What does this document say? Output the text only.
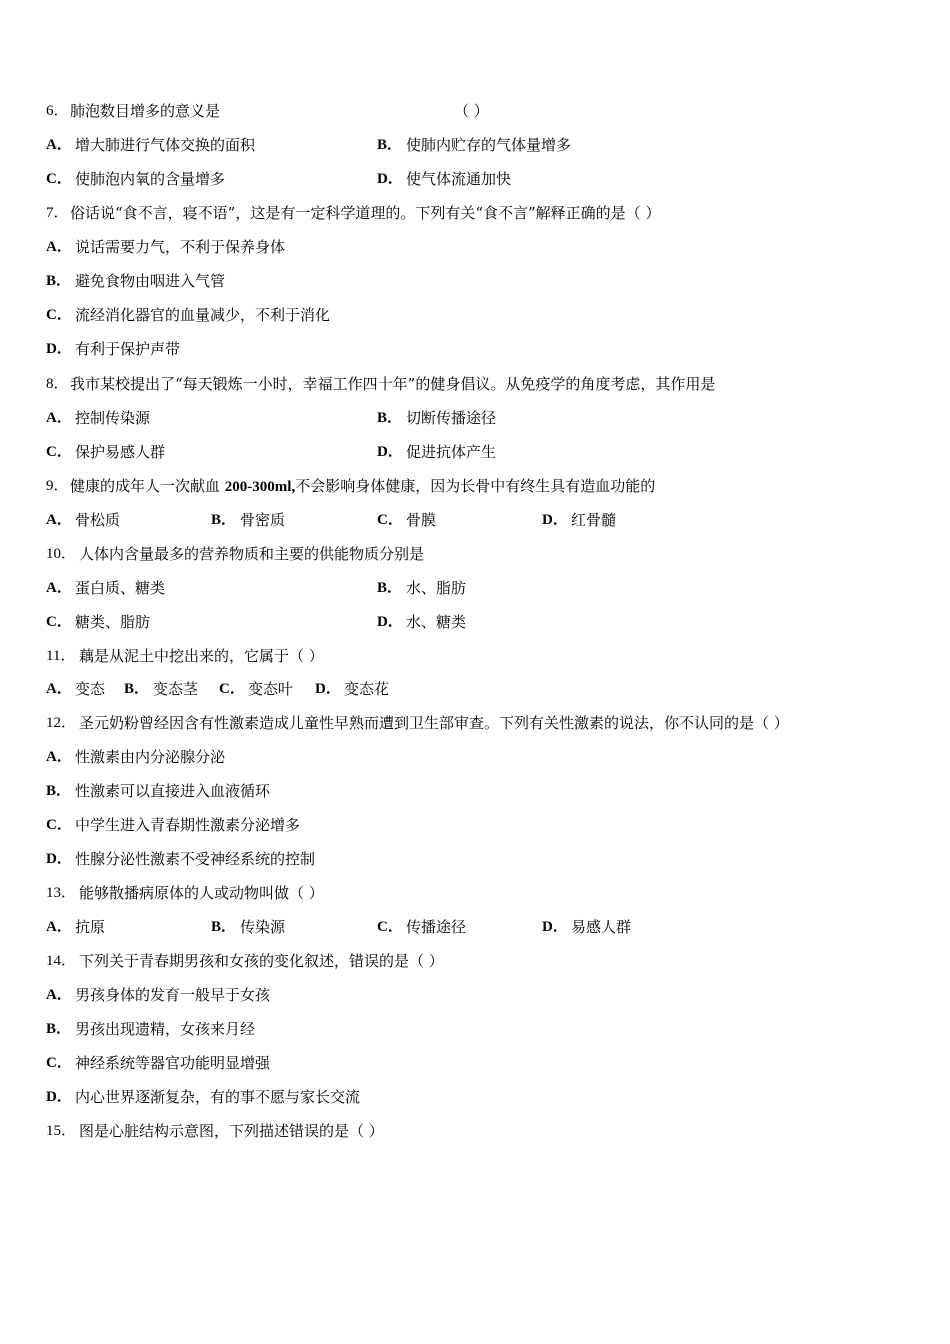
6． 肺泡数目增多的意义是	（ ）
A． 增大肺进行气体交换的面积	B． 使肺内贮存的气体量增多
C． 使肺泡内氧的含量增多	D． 使气体流通加快
7． 俗话说“食不言，寝不语”，这是有一定科学道理的。下列有关“食不言”解释正确的是（ ）
A． 说话需要力气，不利于保养身体
B． 避免食物由咽进入气管
C． 流经消化器官的血量减少，不利于消化
D． 有利于保护声带
8． 我市某校提出了“每天锻炼一小时，幸福工作四十年”的健身倡议。从免疫学的角度考虑，其作用是
A． 控制传染源	B． 切断传播途径
C． 保护易感人群	D． 促进抗体产生
9． 健康的成年人一次献血 200-300ml,不会影响身体健康，因为长骨中有终生具有造血功能的
A． 骨松质	B． 骨密质	C． 骨膜	D． 红骨髓
10． 人体内含量最多的营养物质和主要的供能物质分别是
A． 蛋白质、糖类	B． 水、脂肪
C． 糖类、脂肪	D． 水、糖类
11． 藕是从泥土中挖出来的，它属于（ ）
A． 变态 B． 变态茎 C． 变态叶 D． 变态花
12． 圣元奶粉曾经因含有性激素造成儿童性早熟而遭到卫生部审查。下列有关性激素的说法，你不认同的是（ ）
A． 性激素由内分泌腺分泌
B． 性激素可以直接进入血液循环
C． 中学生进入青春期性激素分泌增多
D． 性腺分泌性激素不受神经系统的控制
13． 能够散播病原体的人或动物叫做（ ）
A． 抗原	B． 传染源	C． 传播途径	D． 易感人群
14． 下列关于青春期男孩和女孩的变化叙述，错误的是（ ）
A． 男孩身体的发育一般早于女孩
B． 男孩出现遗精，女孩来月经
C． 神经系统等器官功能明显增强
D． 内心世界逐渐复杂，有的事不愿与家长交流
15． 图是心脏结构示意图，下列描述错误的是（ ）
